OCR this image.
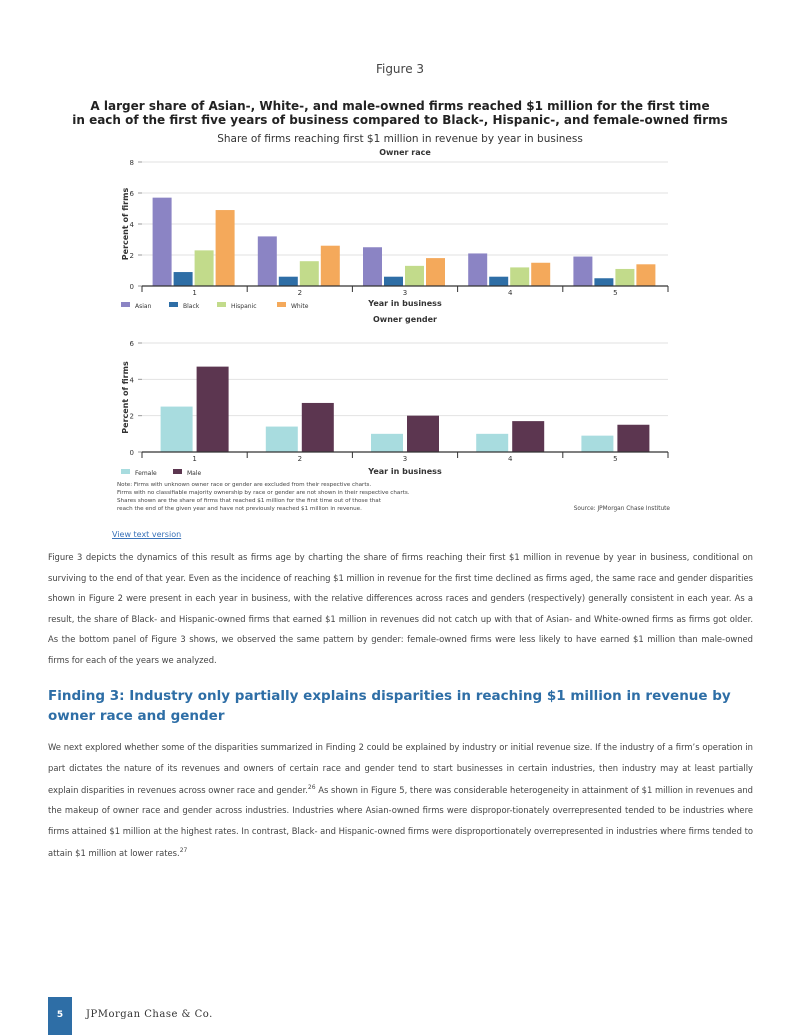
Figure 3
A larger share of Asian-, White-, and male-owned firms reached $1 million for the first time
in each of the first five years of business compared to Black-, Hispanic-, and female-owned firms
Share of firms reaching first $1 million in revenue by year in business
Owner race
0
2
4
6
8
Percent of firms
1	2	3	4	5
Year in business
Asian	Black	Hispanic	White
Owner gender
0
2
4
6
Percent of firms
1	2	3	4	5
Year in business
Female	Male
Note: Firms with unknown owner race or gender are excluded from their respective charts.
Firms with no classifiable majority ownership by race or gender are not shown in their respective charts.
Shares shown are the share of firms that reached $1 million for the first time out of those that
reach the end of the given year and have not previously reached $1 million in revenue.	Source: JPMorgan Chase Institute
View text version
Figure 3 depicts the dynamics of this result as firms age by charting the share of firms reaching their first $1 million in revenue by year in business, conditional on surviving to the end of that year. Even as the incidence of reaching $1 million in revenue for the first time declined as firms aged, the same race and gender disparities shown in Figure 2 were present in each year in business, with the relative differences across races and genders (respectively) generally consistent in each year. As a result, the share of Black- and Hispanic-owned firms that earned $1 million in revenues did not catch up with that of Asian- and White-owned firms as firms got older. As the bottom panel of Figure 3 shows, we observed the same pattern by gender: female-owned firms were less likely to have earned $1 million than male-owned firms for each of the years we analyzed.
Finding 3: Industry only partially explains disparities in reaching $1 million in revenue by owner race and gender
We next explored whether some of the disparities summarized in Finding 2 could be explained by industry or initial revenue size. If the industry of a firm’s operation in part dictates the nature of its revenues and owners of certain race and gender tend to start businesses in certain industries, then industry may at least partially explain disparities in revenues across owner race and gender.$^{26}$ As shown in Figure 5, there was considerable heterogeneity in attainment of $1 million in revenues and the makeup of owner race and gender across industries. Industries where Asian-owned firms were dispropor-tionately overrepresented tended to be industries where firms attained $1 million at the highest rates. In contrast, Black- and Hispanic-owned firms were disproportionately overrepresented in industries where firms tended to attain $1 million at lower rates.$^{27}$
5	JPMorgan Chase & Co.
